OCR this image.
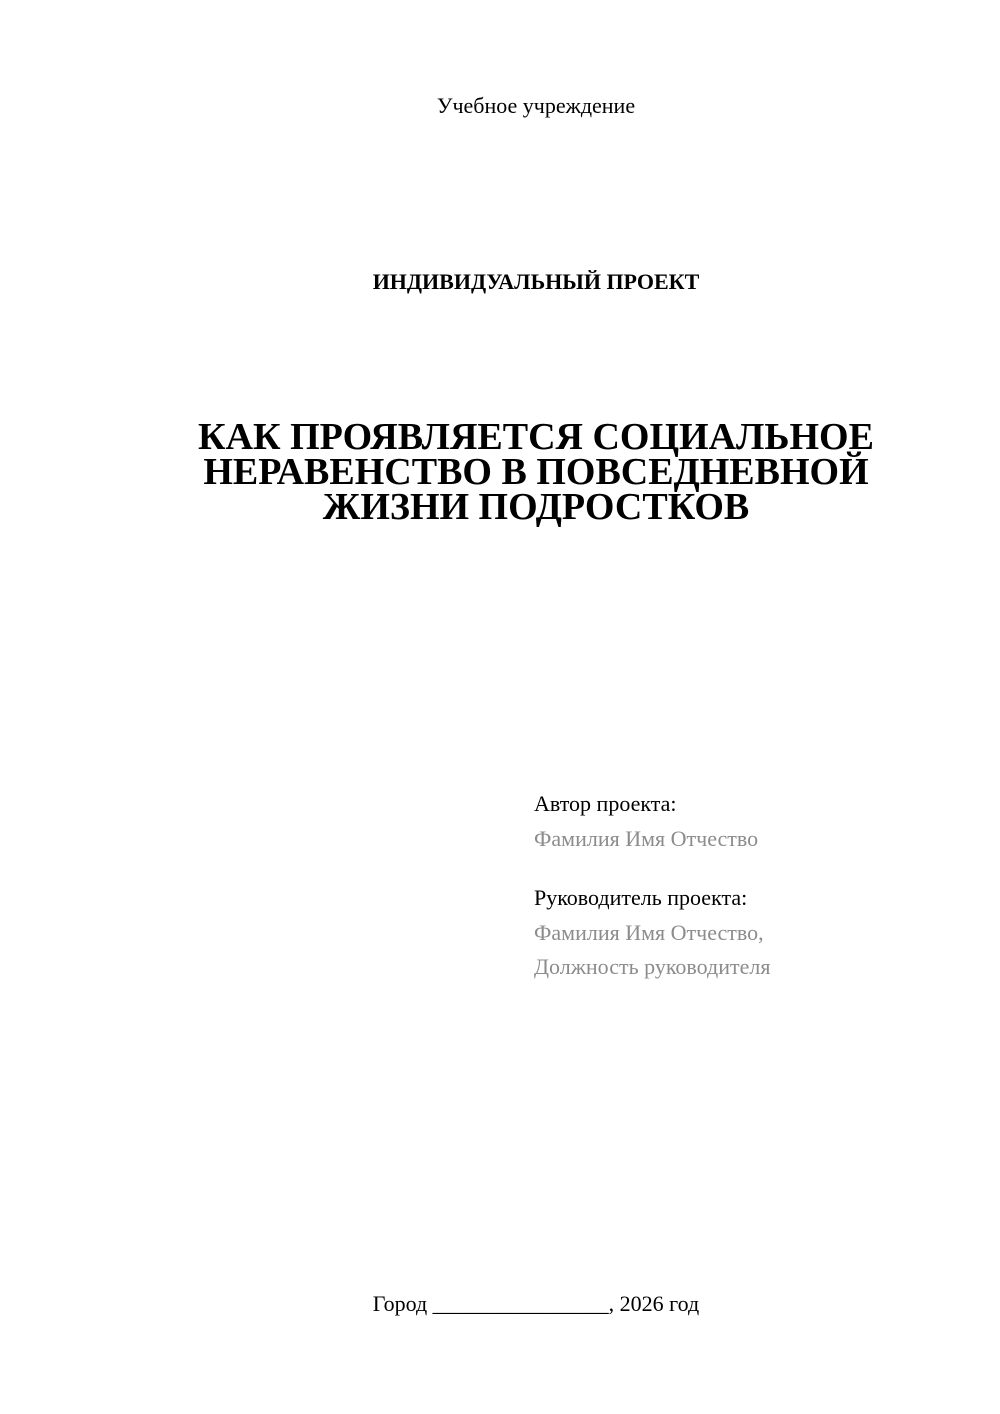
Учебное учреждение
ИНДИВИДУАЛЬНЫЙ ПРОЕКТ
КАК ПРОЯВЛЯЕТСЯ СОЦИАЛЬНОЕ
НЕРАВЕНСТВО В ПОВСЕДНЕВНОЙ
ЖИЗНИ ПОДРОСТКОВ
Автор проекта:
Фамилия Имя Отчество
Руководитель проекта:
Фамилия Имя Отчество,
Должность руководителя
Город ________________, 2026 год
